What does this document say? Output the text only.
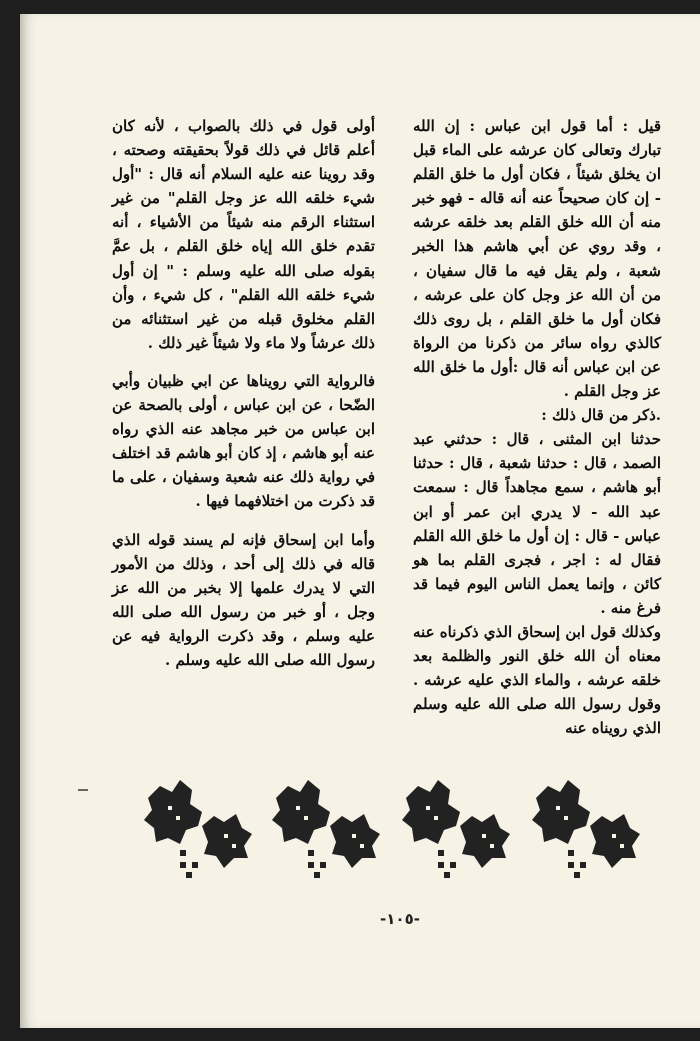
قيل : أما قول ابن عباس : إن الله تبارك وتعالى كان عرشه على الماء قبل ان يخلق شيئاً ، فكان أول ما خلق القلم - إن كان صحيحاً عنه أنه قاله - فهو خبر منه أن الله خلق القلم بعد خلقه عرشه ، وقد روي عن أبي هاشم هذا الخبر شعبة ، ولم يقل فيه ما قال سفيان ، من أن الله عز وجل كان على عرشه ، فكان أول ما خلق القلم ، بل روى ذلك كالذي رواه سائر من ذكرنا من الرواة عن ابن عباس أنه قال :أول ما خلق الله عز وجل القلم .

.ذكر من قال ذلك :

حدثنا ابن المثنى ، قال : حدثني عبد الصمد ، قال : حدثنا شعبة ، قال : حدثنا أبو هاشم ، سمع مجاهداً قال : سمعت عبد الله - لا يدري ابن عمر أو ابن عباس - قال : إن أول ما خلق الله القلم فقال له : اجر ، فجرى القلم بما هو كائن ، وإنما يعمل الناس اليوم فيما قد فرغ منه .

وكذلك قول ابن إسحاق الذي ذكرناه عنه معناه أن الله خلق النور والظلمة بعد خلقه عرشه ، والماء الذي عليه عرشه . وقول رسول الله صلى الله عليه وسلم الذي رويناه عنه

أولى قول في ذلك بالصواب ، لأنه كان أعلم قائل في ذلك قولاً بحقيقته وصحته ، وقد روينا عنه عليه السلام أنه قال : "أول شيء خلقه الله عز وجل القلم" من غير استثناء الرقم منه شيئاً من الأشياء ، أنه تقدم خلق الله إياه خلق القلم ، بل عمَّ بقوله صلى الله عليه وسلم : " إن أول شيء خلقه الله القلم" ، كل شيء ، وأن القلم مخلوق قبله من غير استثنائه من ذلك عرشاً ولا ماء ولا شيئاً غير ذلك .

فالرواية التي رويناها عن ابي ظبيان وأبي الضّحا ، عن ابن عباس ، أولى بالصحة عن ابن عباس من خبر مجاهد عنه الذي رواه عنه أبو هاشم ، إذ كان أبو هاشم قد اختلف في رواية ذلك عنه شعبة وسفيان ، على ما قد ذكرت من اختلافهما فيها .

وأما ابن إسحاق فإنه لم يسند قوله الذي قاله في ذلك إلى أحد ، وذلك من الأمور التي لا يدرك علمها إلا بخبر من الله عز وجل ، أو خبر من رسول الله صلى الله عليه وسلم ، وقد ذكرت الرواية فيه عن رسول الله صلى الله عليه وسلم .

-١٠٥-
